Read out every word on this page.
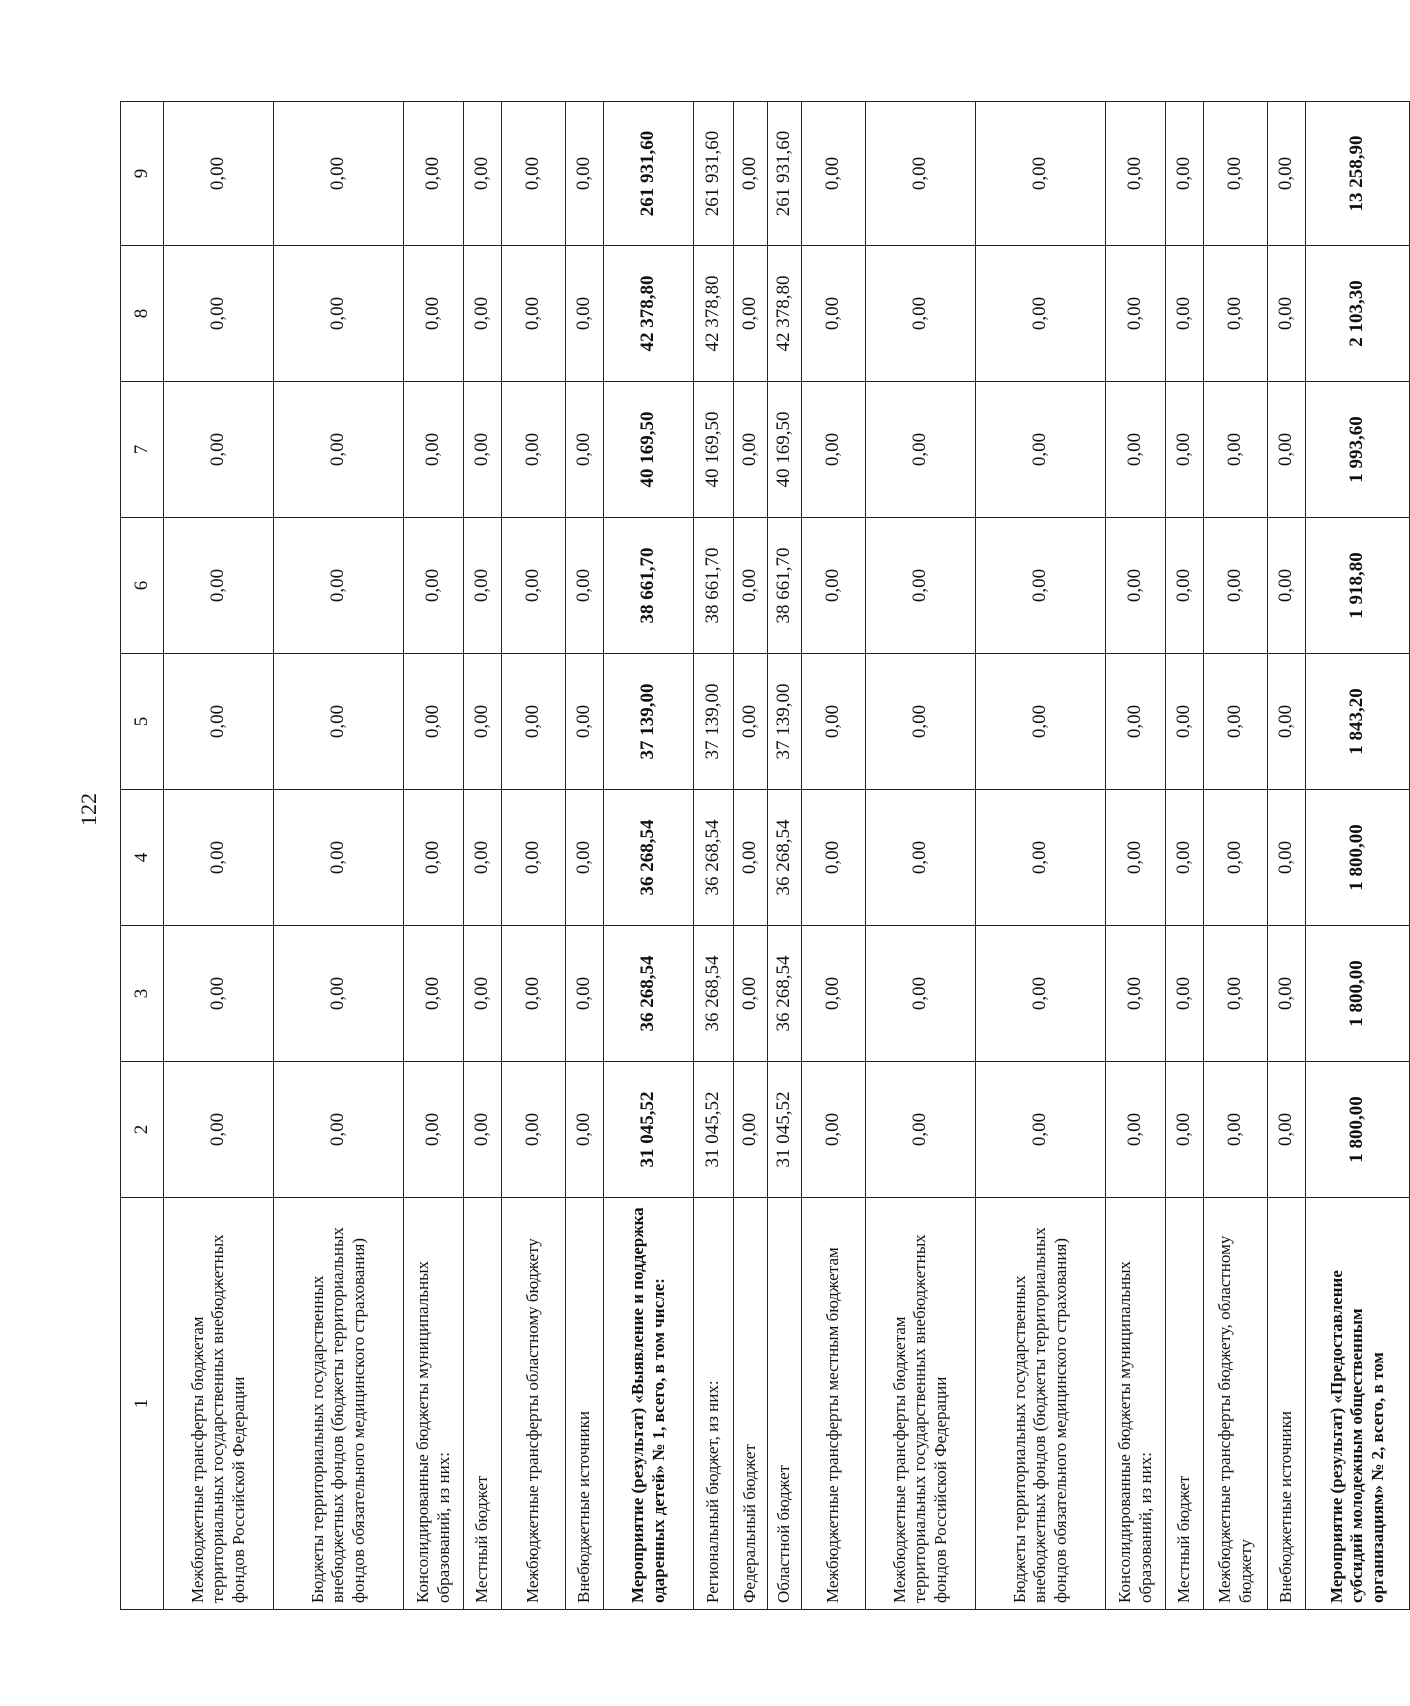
122
1	2	3	4	5	6	7	8	9
Межбюджетные трансферты бюджетам территориальных государственных внебюджетных фондов Российской Федерации	0,00	0,00	0,00	0,00	0,00	0,00	0,00	0,00
Бюджеты территориальных государственных внебюджетных фондов (бюджеты территориальных фондов обязательного медицинского страхования)	0,00	0,00	0,00	0,00	0,00	0,00	0,00	0,00
Консолидированные бюджеты муниципальных образований, из них:	0,00	0,00	0,00	0,00	0,00	0,00	0,00	0,00
Местный бюджет	0,00	0,00	0,00	0,00	0,00	0,00	0,00	0,00
Межбюджетные трансферты областному бюджету	0,00	0,00	0,00	0,00	0,00	0,00	0,00	0,00
Внебюджетные источники	0,00	0,00	0,00	0,00	0,00	0,00	0,00	0,00
Мероприятие (результат) «Выявление и поддержка одаренных детей» № 1, всего, в том числе:	31 045,52	36 268,54	36 268,54	37 139,00	38 661,70	40 169,50	42 378,80	261 931,60
Региональный бюджет, из них:	31 045,52	36 268,54	36 268,54	37 139,00	38 661,70	40 169,50	42 378,80	261 931,60
Федеральный бюджет	0,00	0,00	0,00	0,00	0,00	0,00	0,00	0,00
Областной бюджет	31 045,52	36 268,54	36 268,54	37 139,00	38 661,70	40 169,50	42 378,80	261 931,60
Межбюджетные трансферты местным бюджетам	0,00	0,00	0,00	0,00	0,00	0,00	0,00	0,00
Межбюджетные трансферты бюджетам территориальных государственных внебюджетных фондов Российской Федерации	0,00	0,00	0,00	0,00	0,00	0,00	0,00	0,00
Бюджеты территориальных государственных внебюджетных фондов (бюджеты территориальных фондов обязательного медицинского страхования)	0,00	0,00	0,00	0,00	0,00	0,00	0,00	0,00
Консолидированные бюджеты муниципальных образований, из них:	0,00	0,00	0,00	0,00	0,00	0,00	0,00	0,00
Местный бюджет	0,00	0,00	0,00	0,00	0,00	0,00	0,00	0,00
Межбюджетные трансферты бюджету, областному бюджету	0,00	0,00	0,00	0,00	0,00	0,00	0,00	0,00
Внебюджетные источники	0,00	0,00	0,00	0,00	0,00	0,00	0,00	0,00
Мероприятие (результат) «Предоставление субсидий молодежным общественным организациям» № 2, всего, в том	1 800,00	1 800,00	1 800,00	1 843,20	1 918,80	1 993,60	2 103,30	13 258,90
